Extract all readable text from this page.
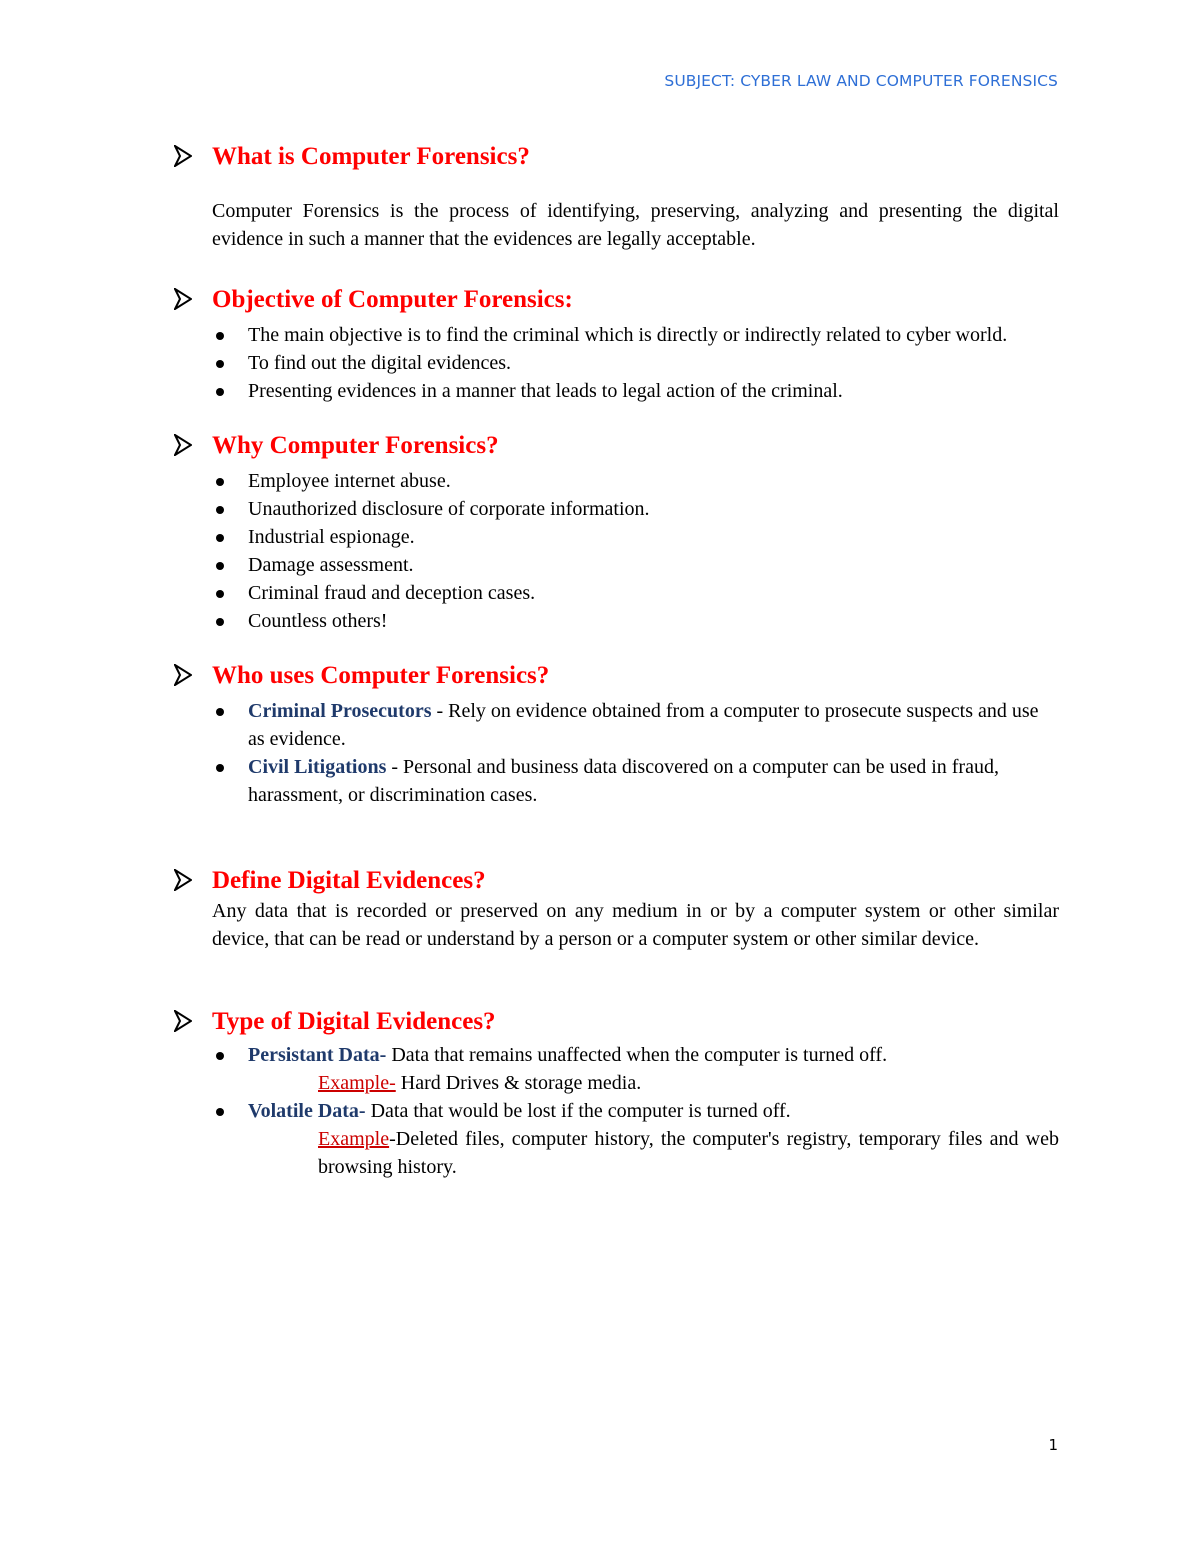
SUBJECT: CYBER LAW AND COMPUTER FORENSICS
What is Computer Forensics?
Computer Forensics is the process of identifying, preserving, analyzing and presenting the digital evidence in such a manner that the evidences are legally acceptable.
Objective of Computer Forensics:
The main objective is to find the criminal which is directly or indirectly related to cyber world.
To find out the digital evidences.
Presenting evidences in a manner that leads to legal action of the criminal.
Why Computer Forensics?
Employee internet abuse.
Unauthorized disclosure of corporate information.
Industrial espionage.
Damage assessment.
Criminal fraud and deception cases.
Countless others!
Who uses Computer Forensics?
Criminal Prosecutors - Rely on evidence obtained from a computer to prosecute suspects and use as evidence.
Civil Litigations - Personal and business data discovered on a computer can be used in fraud, harassment, or discrimination cases.
Define Digital Evidences?
Any data that is recorded or preserved on any medium in or by a computer system or other similar device, that can be read or understand by a person or a computer system or other similar device.
Type of Digital Evidences?
Persistant Data- Data that remains unaffected when the computer is turned off.
Example- Hard Drives & storage media.
Volatile Data- Data that would be lost if the computer is turned off.
Example-Deleted files, computer history, the computer's registry, temporary files and web browsing history.
1
